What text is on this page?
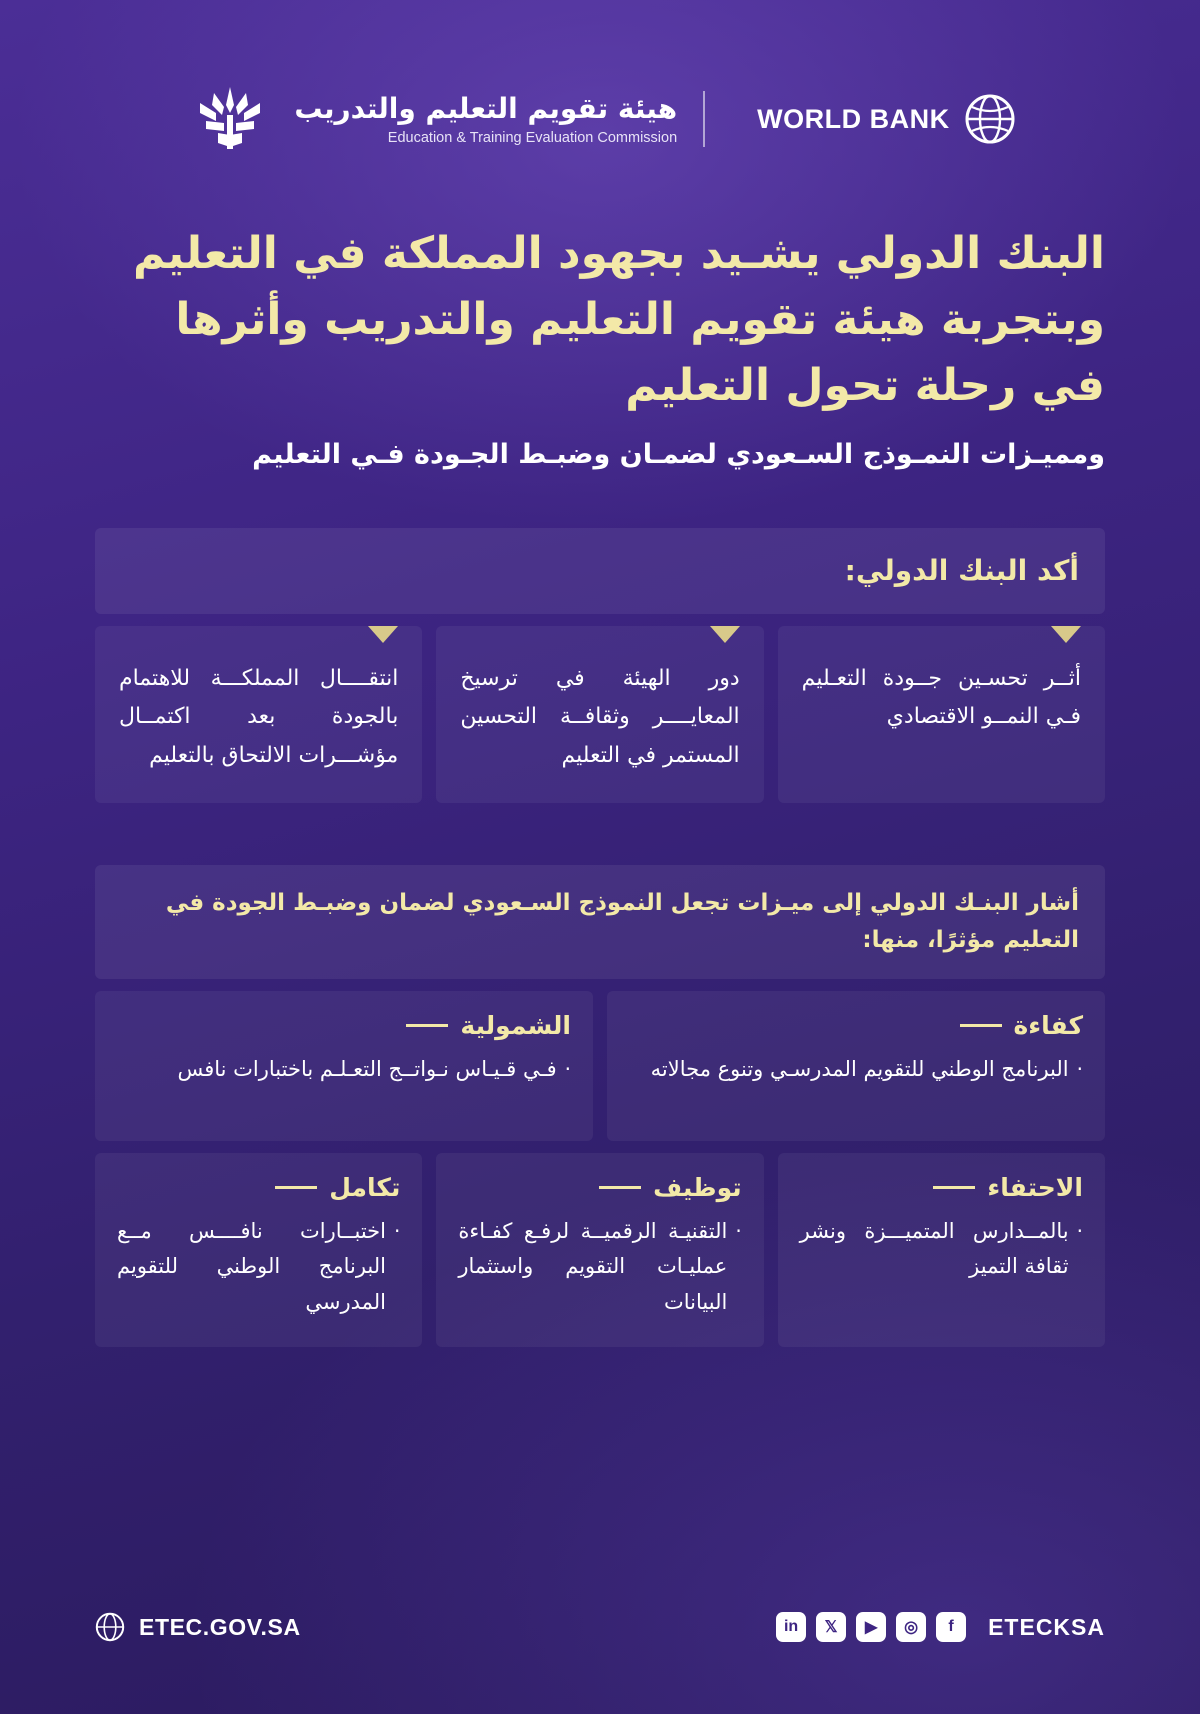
WORLD BANK
هيئة تقويم التعليم والتدريب
Education & Training Evaluation Commission
البنك الدولي يشـيد بجهود المملكة في التعليم وبتجربة هيئة تقويم التعليم والتدريب وأثرها في رحلة تحول التعليم
ومميـزات النمـوذج السـعودي لضمـان وضبـط الجـودة فـي التعليم
أكد البنك الدولي:
أثــر تحسـين جــودة التعـليم فـي النمــو الاقتصادي
دور الهيئة في ترسيخ المعايــــر وثقافــة التحسين المستمر في التعليم
انتقــــال المملكـــة للاهتمام بالجودة بعد اكتمــال مؤشـــرات الالتحاق بالتعليم
أشار البنـك الدولي إلى ميـزات تجعل النموذج السـعودي لضمان وضبـط الجودة في التعليم مؤثرًا، منها:
كفاءة
·
البرنامج الوطني للتقويم المدرسـي وتنوع مجالاته
الشمولية
·
فـي قـيـاس نـواتــج التعـلـم باختبارات نافس
الاحتفاء
·
بالمــدارس المتميـــزة ونشر ثقافة التميز
توظيف
·
التقنيـة الرقميــة لرفـع كفـاءة عمليـات التقويم واستثمار البيانات
تكامل
·
اختبــارات نافــــس مــع البرنامج الوطني للتقويم المدرسي
in	𝕏	▶	◎	f	ETECKSA
ETEC.GOV.SA
